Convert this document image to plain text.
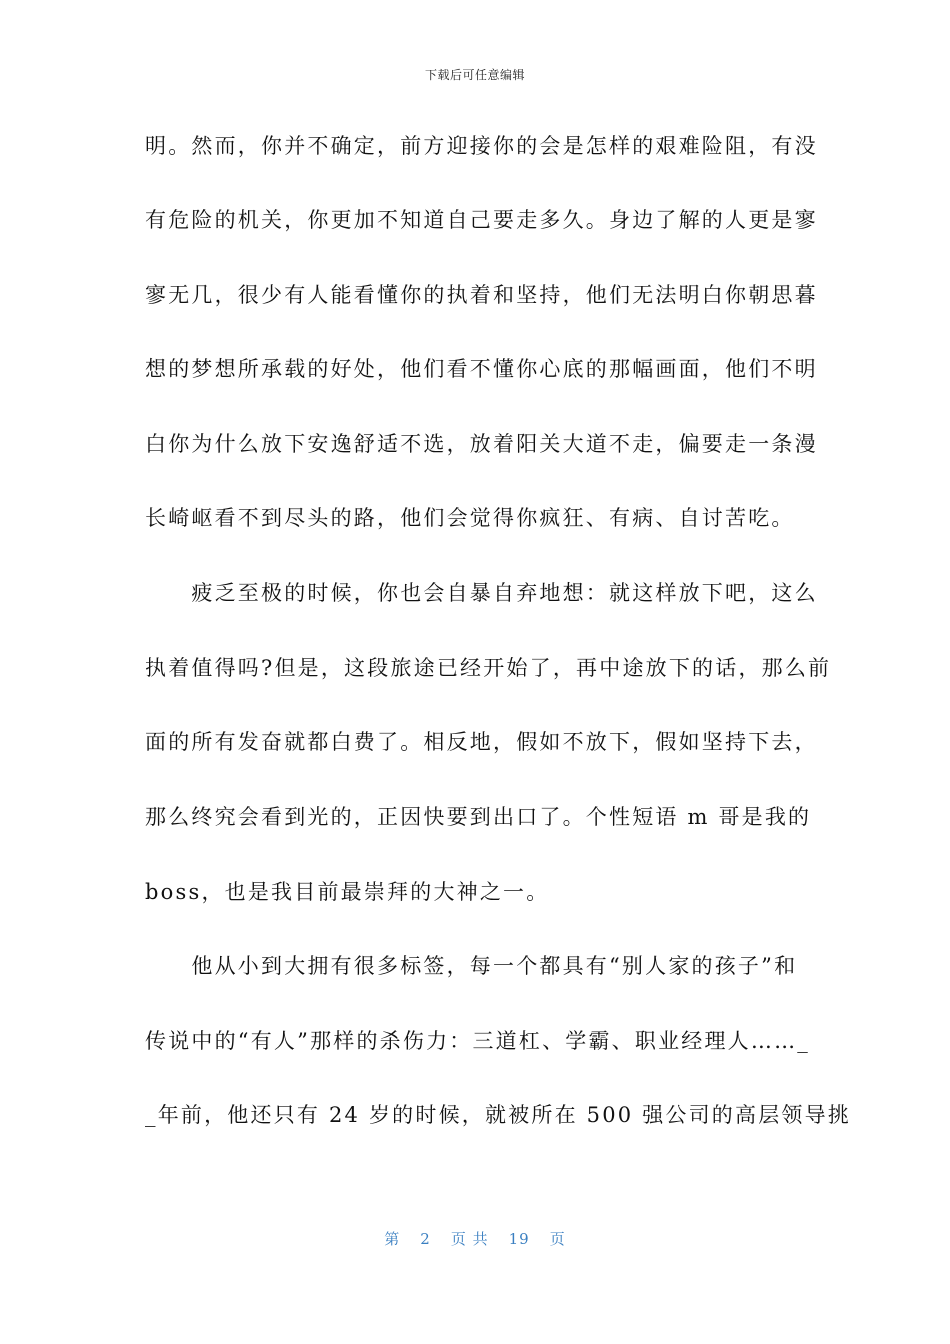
下载后可任意编辑
明。然而，你并不确定，前方迎接你的会是怎样的艰难险阻，有没
有危险的机关，你更加不知道自己要走多久。身边了解的人更是寥
寥无几，很少有人能看懂你的执着和坚持，他们无法明白你朝思暮
想的梦想所承载的好处，他们看不懂你心底的那幅画面，他们不明
白你为什么放下安逸舒适不选，放着阳关大道不走，偏要走一条漫
长崎岖看不到尽头的路，他们会觉得你疯狂、有病、自讨苦吃。
　　疲乏至极的时候，你也会自暴自弃地想：就这样放下吧，这么
执着值得吗?但是，这段旅途已经开始了，再中途放下的话，那么前
面的所有发奋就都白费了。相反地，假如不放下，假如坚持下去，
那么终究会看到光的，正因快要到出口了。个性短语 m 哥是我的
boss，也是我目前最崇拜的大神之一。
　　他从小到大拥有很多标签，每一个都具有“别人家的孩子”和
传说中的“有人”那样的杀伤力：三道杠、学霸、职业经理人……_
_年前，他还只有 24 岁的时候，就被所在 500 强公司的高层领导挑
第 2 页 共 19 页
